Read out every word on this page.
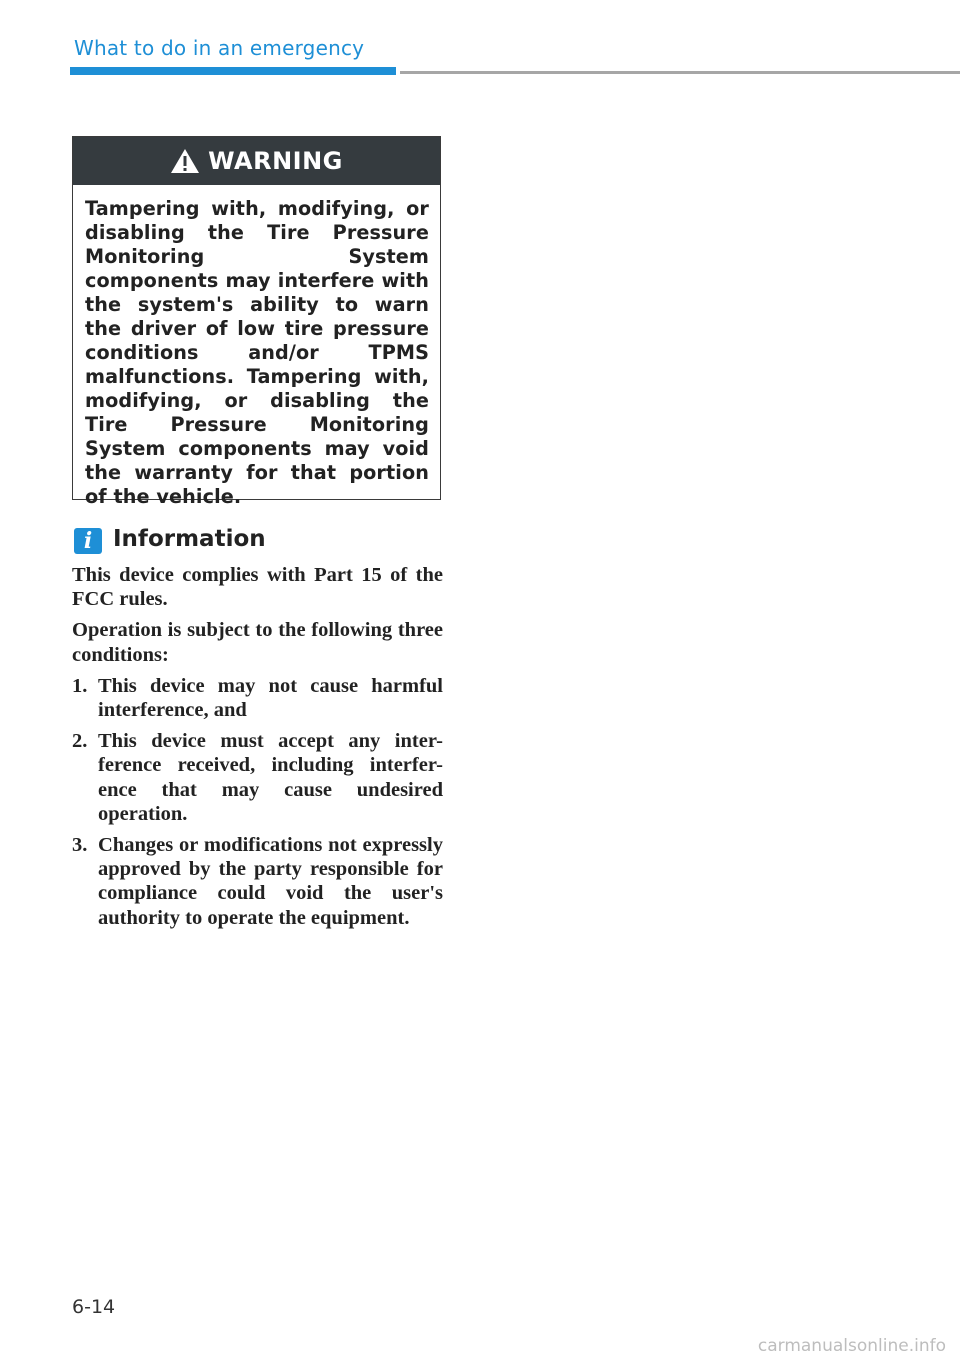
What to do in an emergency
WARNING
Tampering with, modifying, or disabling the Tire Pressure Monitoring System components may interfere with the system's ability to warn the driver of low tire pressure conditions and/or TPMS malfunctions. Tampering with, modifying, or disabling the Tire Pressure Monitoring System components may void the warranty for that portion of the vehicle.
i Information

This device complies with Part 15 of the FCC rules.

Operation is subject to the following three conditions:

1. This device may not cause harmful interference, and
2. This device must accept any inter-ference received, including interfer-ence that may cause undesired operation.
3. Changes or modifications not expressly approved by the party responsible for compliance could void the user's authority to operate the equipment.
6-14
carmanualsonline.info
